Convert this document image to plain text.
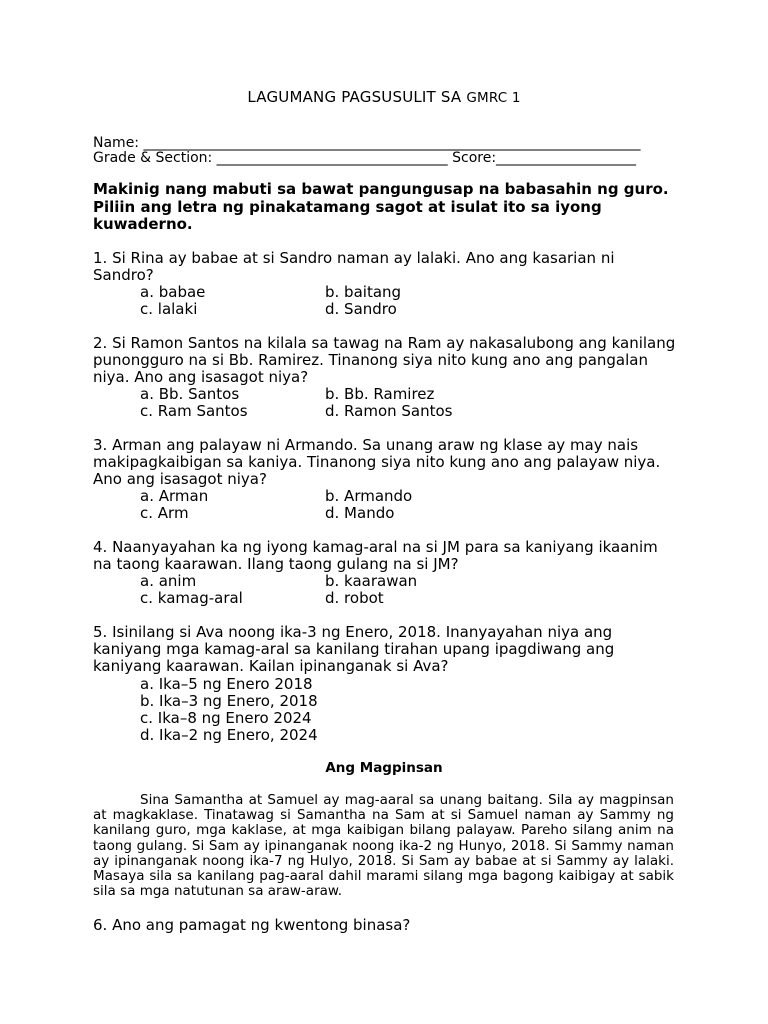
LAGUMANG PAGSUSULIT SA GMRC 1
Name: _______________________________________________________________________
Grade & Section: _________________________________ Score:____________________
Makinig nang mabuti sa bawat pangungusap na babasahin ng guro. Piliin ang letra ng pinakatamang sagot at isulat ito sa iyong kuwaderno.
1. Si Rina ay babae at si Sandro naman ay lalaki. Ano ang kasarian ni Sandro?
a. babae	b. baitang
c. lalaki	d. Sandro
2. Si Ramon Santos na kilala sa tawag na Ram ay nakasalubong ang kanilang punongguro na si Bb. Ramirez. Tinanong siya nito kung ano ang pangalan niya. Ano ang isasagot niya?
a. Bb. Santos	b. Bb. Ramirez
c. Ram Santos	d. Ramon Santos
3. Arman ang palayaw ni Armando. Sa unang araw ng klase ay may nais makipagkaibigan sa kaniya. Tinanong siya nito kung ano ang palayaw niya. Ano ang isasagot niya?
a. Arman	b. Armando
c. Arm	d. Mando
4. Naanyayahan ka ng iyong kamag-aral na si JM para sa kaniyang ikaanim na taong kaarawan. Ilang taong gulang na si JM?
a. anim	b. kaarawan
c. kamag-aral	d. robot
5. Isinilang si Ava noong ika-3 ng Enero, 2018. Inanyayahan niya ang kaniyang mga kamag-aral sa kanilang tirahan upang ipagdiwang ang kaniyang kaarawan. Kailan ipinanganak si Ava?
a. Ika–5 ng Enero 2018
b. Ika–3 ng Enero, 2018
c. Ika–8 ng Enero 2024
d. Ika–2 ng Enero, 2024
Ang Magpinsan
Sina Samantha at Samuel ay mag-aaral sa unang baitang. Sila ay magpinsan at magkaklase. Tinatawag si Samantha na Sam at si Samuel naman ay Sammy ng kanilang guro, mga kaklase, at mga kaibigan bilang palayaw. Pareho silang anim na taong gulang. Si Sam ay ipinanganak noong ika-2 ng Hunyo, 2018. Si Sammy naman ay ipinanganak noong ika-7 ng Hulyo, 2018. Si Sam ay babae at si Sammy ay lalaki. Masaya sila sa kanilang pag-aaral dahil marami silang mga bagong kaibigay at sabik sila sa mga natutunan sa araw-araw.
6. Ano ang pamagat ng kwentong binasa?
